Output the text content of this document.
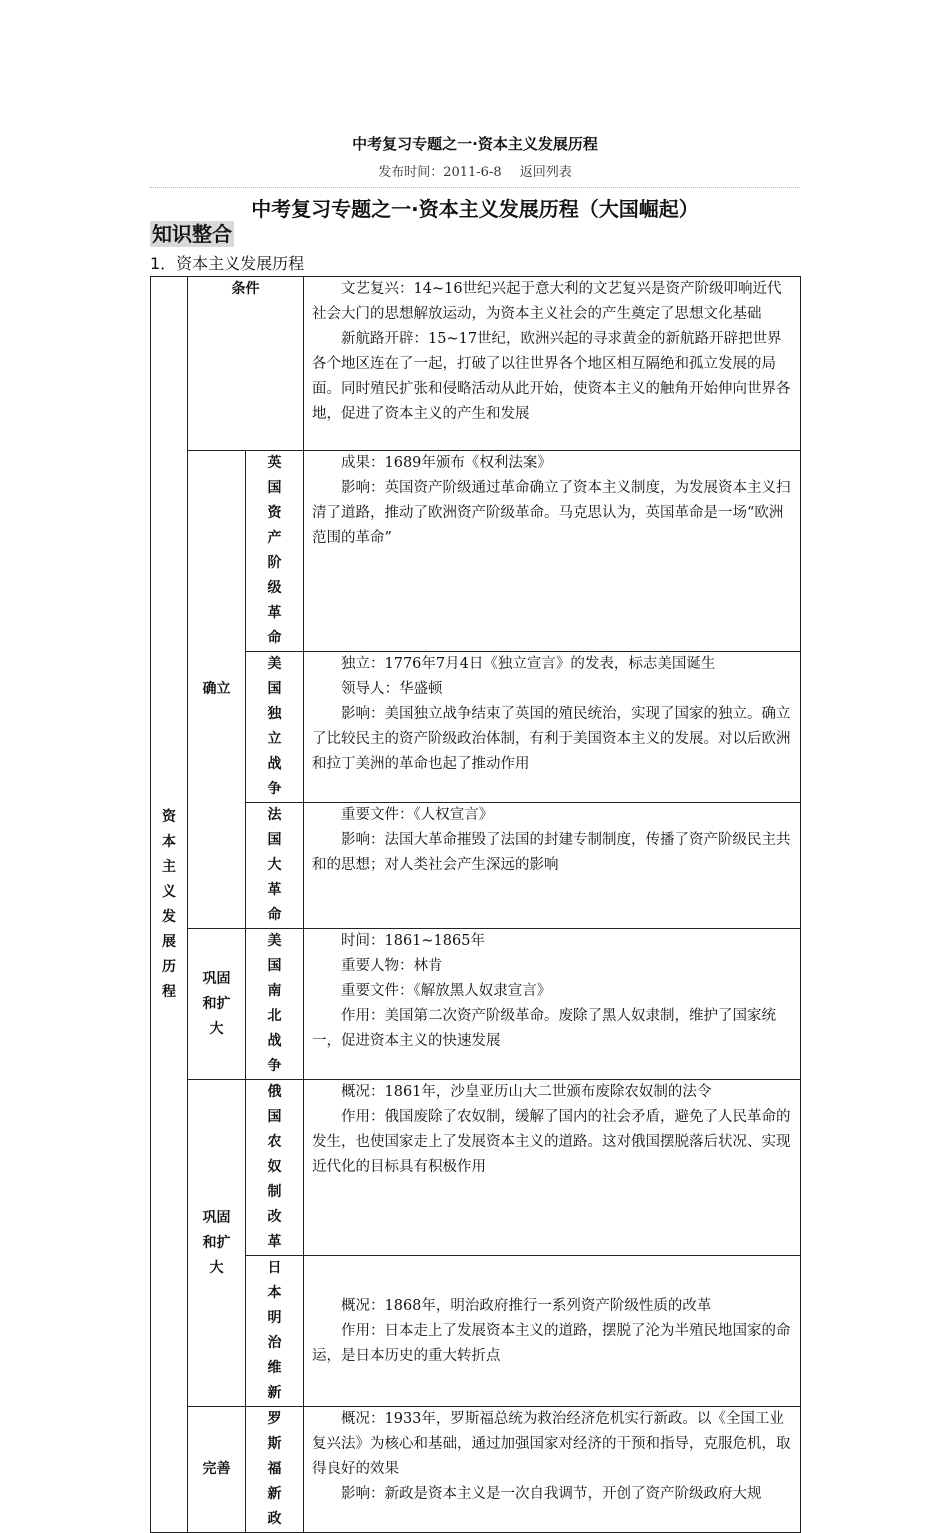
中考复习专题之一·资本主义发展历程
发布时间：2011-6-8 返回列表
中考复习专题之一·资本主义发展历程（大国崛起）
知识整合
1．资本主义发展历程
资本主义发展历程	条件		文艺复兴：14~16世纪兴起于意大利的文艺复兴是资产阶级叩响近代社会大门的思想解放运动，为资本主义社会的产生奠定了思想文化基础

新航路开辟：15~17世纪，欧洲兴起的寻求黄金的新航路开辟把世界各个地区连在了一起，打破了以往世界各个地区相互隔绝和孤立发展的局面。同时殖民扩张和侵略活动从此开始，使资本主义的触角开始伸向世界各地，促进了资本主义的产生和发展

	确立	英国资产阶级革命	成果：1689年颁布《权利法案》

影响：英国资产阶级通过革命确立了资本主义制度，为发展资本主义扫清了道路，推动了欧洲资产阶级革命。马克思认为，英国革命是一场“欧洲范围的革命”

		美国独立战争	独立：1776年7月4日《独立宣言》的发表，标志美国诞生

领导人：华盛顿

影响：美国独立战争结束了英国的殖民统治，实现了国家的独立。确立了比较民主的资产阶级政治体制，有利于美国资本主义的发展。对以后欧洲和拉丁美洲的革命也起了推动作用

		法国大革命	重要文件：《人权宣言》

影响：法国大革命摧毁了法国的封建专制制度，传播了资产阶级民主共和的思想；对人类社会产生深远的影响

	巩固和扩大	美国南北战争	时间：1861~1865年

重要人物：林肯

重要文件：《解放黑人奴隶宣言》

作用：美国第二次资产阶级革命。废除了黑人奴隶制，维护了国家统一，促进资本主义的快速发展

	巩固和扩大	俄国农奴制改革	概况：1861年，沙皇亚历山大二世颁布废除农奴制的法令

作用：俄国废除了农奴制，缓解了国内的社会矛盾，避免了人民革命的发生，也使国家走上了发展资本主义的道路。这对俄国摆脱落后状况、实现近代化的目标具有积极作用

		日本明治维新	概况：1868年，明治政府推行一系列资产阶级性质的改革

作用：日本走上了发展资本主义的道路，摆脱了沦为半殖民地国家的命运，是日本历史的重大转折点

	完善	罗斯福新政	概况：1933年，罗斯福总统为救治经济危机实行新政。以《全国工业复兴法》为核心和基础，通过加强国家对经济的干预和指导，克服危机，取得良好的效果

影响：新政是资本主义是一次自我调节，开创了资产阶级政府大规
